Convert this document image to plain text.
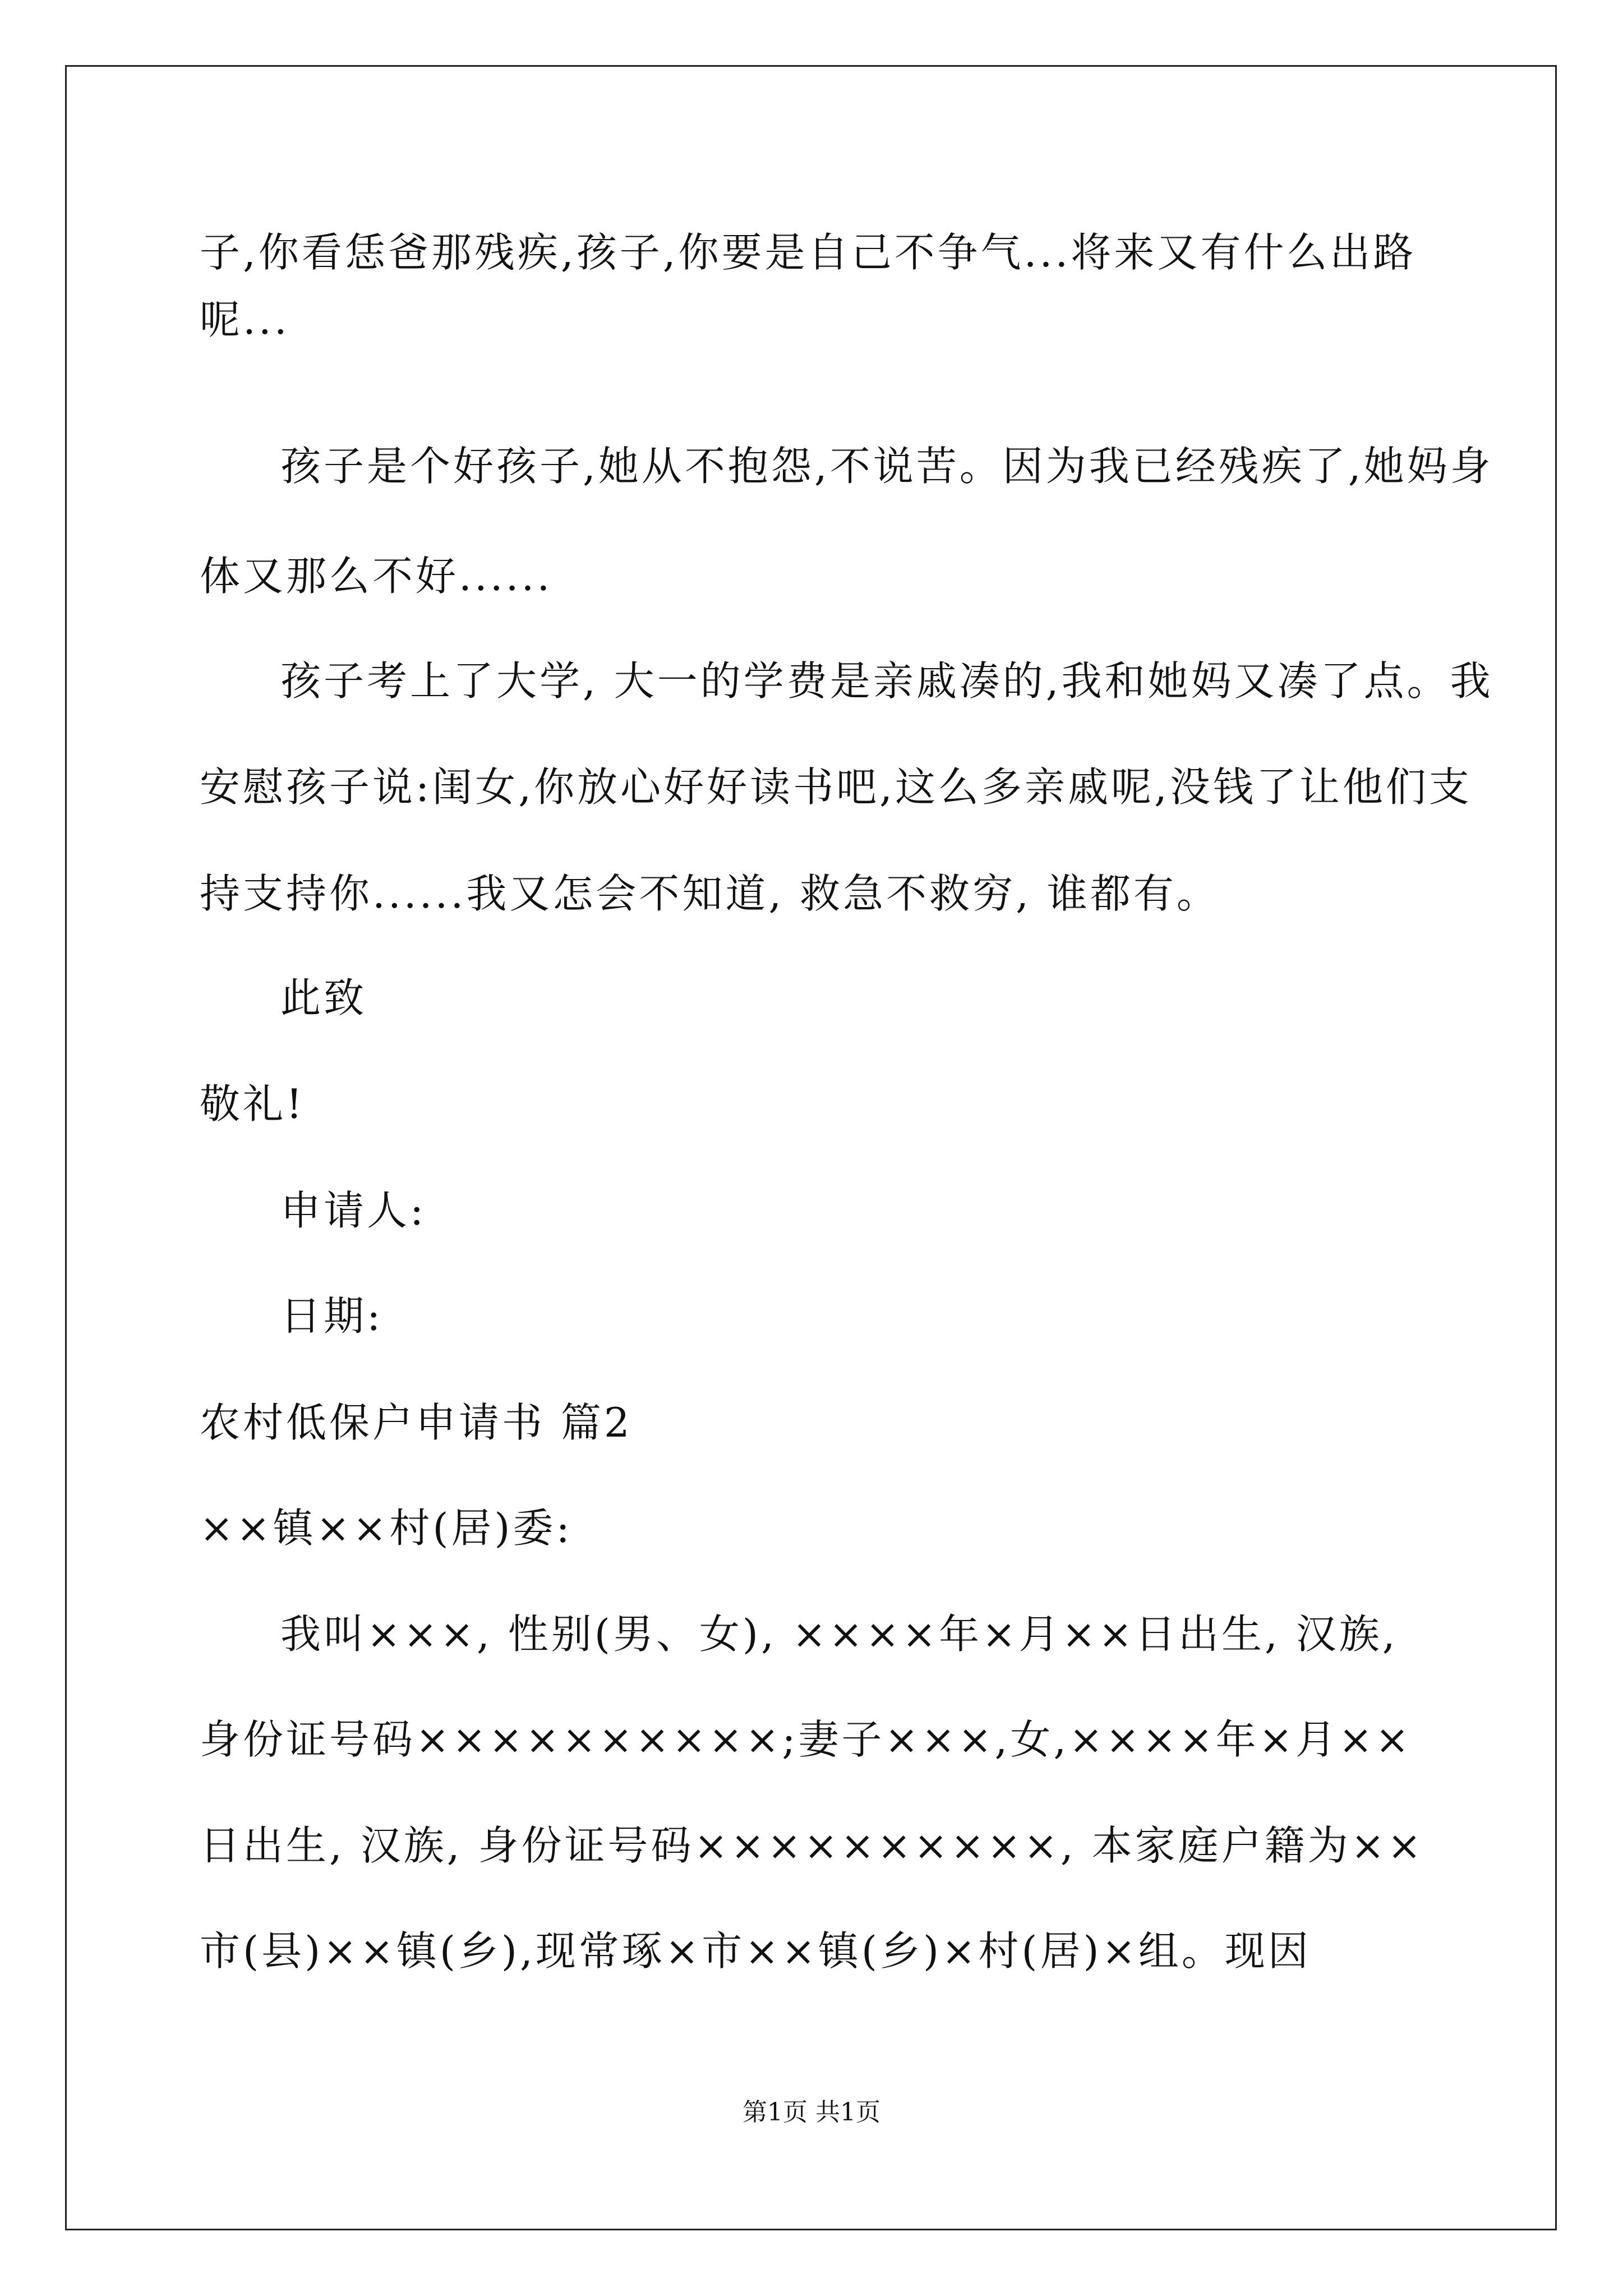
子,你看恁爸那残疾,孩子,你要是自己不争气...将来又有什么出路

呢...

孩子是个好孩子,她从不抱怨,不说苦。因为我已经残疾了,她妈身

体又那么不好......

孩子考上了大学, 大一的学费是亲戚凑的,我和她妈又凑了点。我

安慰孩子说:闺女,你放心好好读书吧,这么多亲戚呢,没钱了让他们支

持支持你......我又怎会不知道, 救急不救穷, 谁都有。

此致

敬礼!

申请人:

日期:

农村低保户申请书 篇2

××镇××村(居)委:

我叫×××, 性别(男、女), ××××年×月××日出生, 汉族,

身份证号码××××××××××;妻子×××,女,××××年×月××

日出生, 汉族, 身份证号码××××××××××, 本家庭户籍为××

市(县)××镇(乡),现常琢×市××镇(乡)×村(居)×组。现因

第1页 共1页
